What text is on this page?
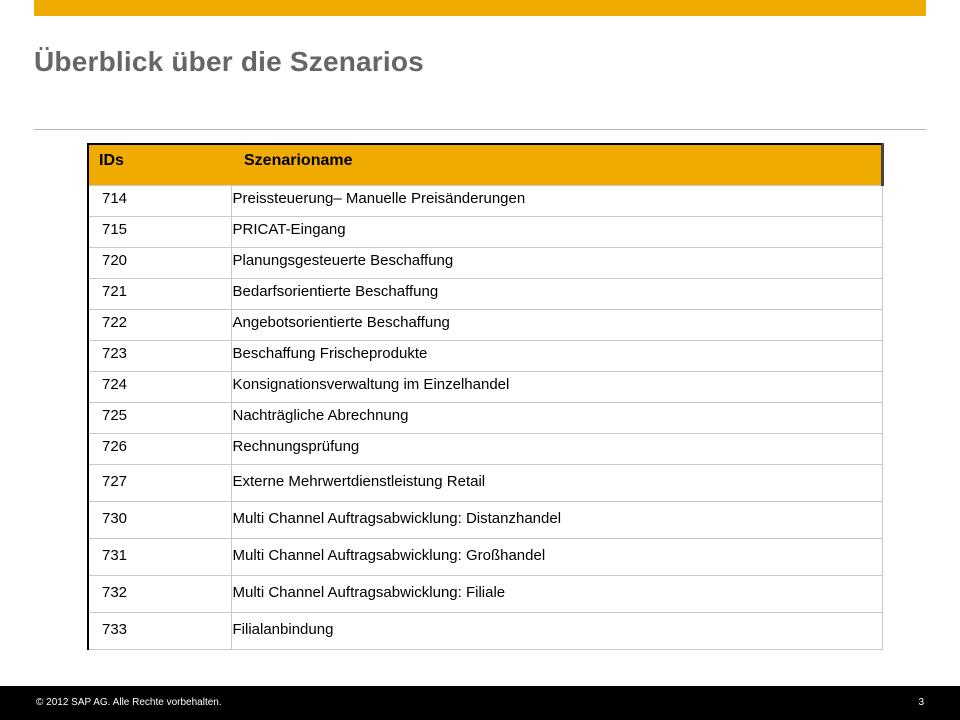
Überblick über die Szenarios
IDs	Szenarioname
714	Preissteuerung– Manuelle Preisänderungen
715	PRICAT-Eingang
720	Planungsgesteuerte Beschaffung
721	Bedarfsorientierte Beschaffung
722	Angebotsorientierte Beschaffung
723	Beschaffung Frischeprodukte
724	Konsignationsverwaltung im Einzelhandel
725	Nachträgliche Abrechnung
726	Rechnungsprüfung
727	Externe Mehrwertdienstleistung Retail
730	Multi Channel Auftragsabwicklung: Distanzhandel
731	Multi Channel Auftragsabwicklung: Großhandel
732	Multi Channel Auftragsabwicklung: Filiale
733	Filialanbindung
© 2012 SAP AG. Alle Rechte vorbehalten.	3
